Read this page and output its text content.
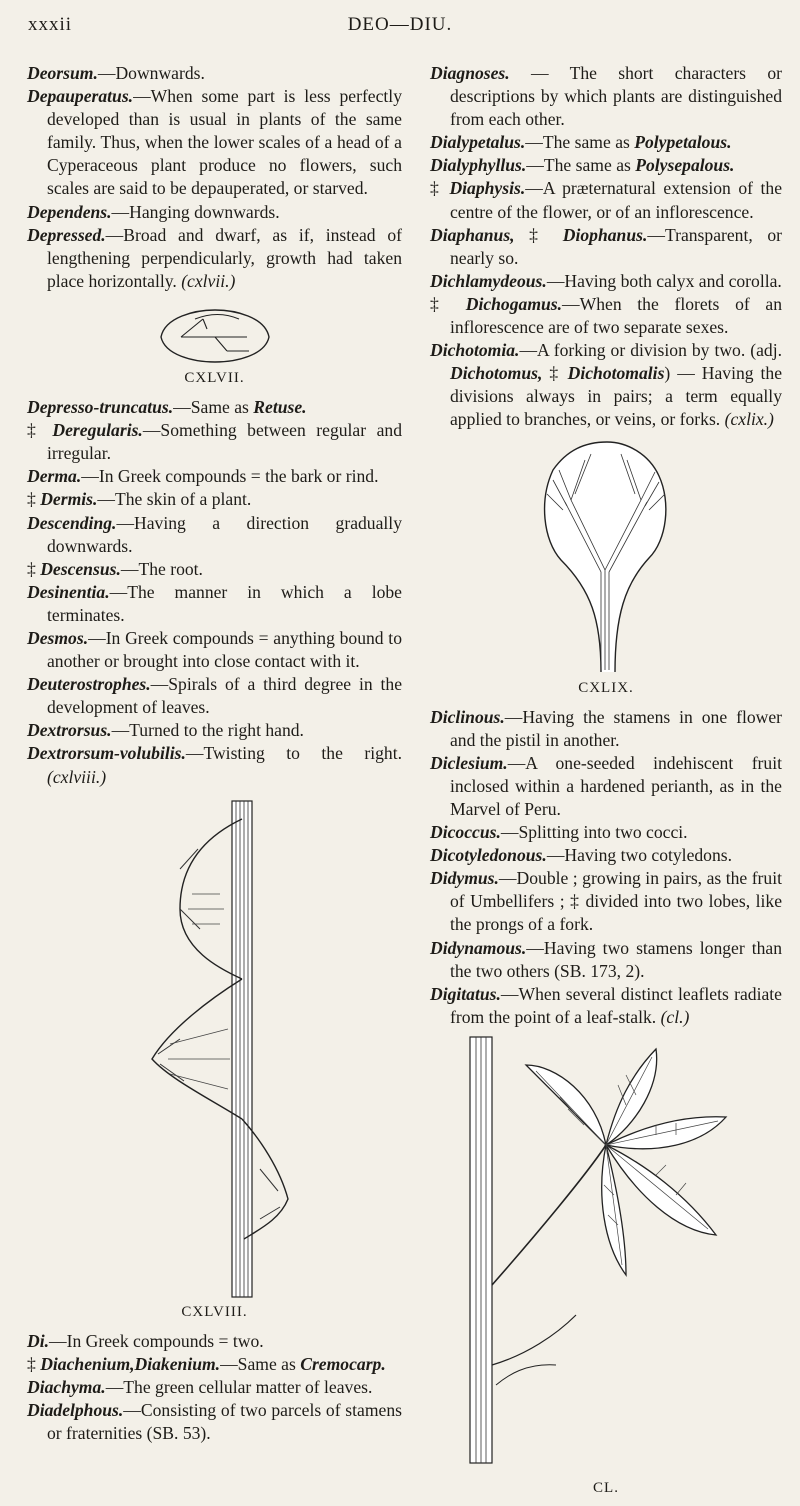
xxxii	DEO—DIU.

Deorsum.—Downwards.

Depauperatus.—When some part is less perfectly developed than is usual in plants of the same family. Thus, when the lower scales of a head of a Cyperaceous plant produce no flowers, such scales are said to be depauperated, or starved.

Dependens.—Hanging downwards.

Depressed.—Broad and dwarf, as if, instead of lengthening perpendicularly, growth had taken place horizontally. (cxlvii.)

CXLVII.

Depresso-truncatus.—Same as Retuse.

‡ Deregularis.—Something between regular and irregular.

Derma.—In Greek compounds = the bark or rind.

‡ Dermis.—The skin of a plant.

Descending.—Having a direction gradually downwards.

‡ Descensus.—The root.

Desinentia.—The manner in which a lobe terminates.

Desmos.—In Greek compounds = anything bound to another or brought into close contact with it.

Deuterostrophes.—Spirals of a third degree in the development of leaves.

Dextrorsus.—Turned to the right hand.

Dextrorsum-volubilis.—Twisting to the right. (cxlviii.)

CXLVIII.

Di.—In Greek compounds = two.

‡ Diachenium,Diakenium.—Same as Cremocarp.

Diachyma.—The green cellular matter of leaves.

Diadelphous.—Consisting of two parcels of stamens or fraternities (SB. 53).

Diagnoses. — The short characters or descriptions by which plants are distinguished from each other.

Dialypetalus.—The same as Polypetalous.

Dialyphyllus.—The same as Polysepalous.

‡ Diaphysis.—A præternatural extension of the centre of the flower, or of an inflorescence.

Diaphanus, ‡ Diophanus.—Transparent, or nearly so.

Dichlamydeous.—Having both calyx and corolla.

‡ Dichogamus.—When the florets of an inflorescence are of two separate sexes.

Dichotomia.—A forking or division by two. (adj. Dichotomus, ‡ Dichotomalis) — Having the divisions always in pairs; a term equally applied to branches, or veins, or forks. (cxlix.)

CXLIX.

Diclinous.—Having the stamens in one flower and the pistil in another.

Diclesium.—A one-seeded indehiscent fruit inclosed within a hardened perianth, as in the Marvel of Peru.

Dicoccus.—Splitting into two cocci.

Dicotyledonous.—Having two cotyledons.

Didymus.—Double ; growing in pairs, as the fruit of Umbellifers ; ‡ divided into two lobes, like the prongs of a fork.

Didynamous.—Having two stamens longer than the two others (SB. 173, 2).

Digitatus.—When several distinct leaflets radiate from the point of a leaf-stalk. (cl.)

CL.
